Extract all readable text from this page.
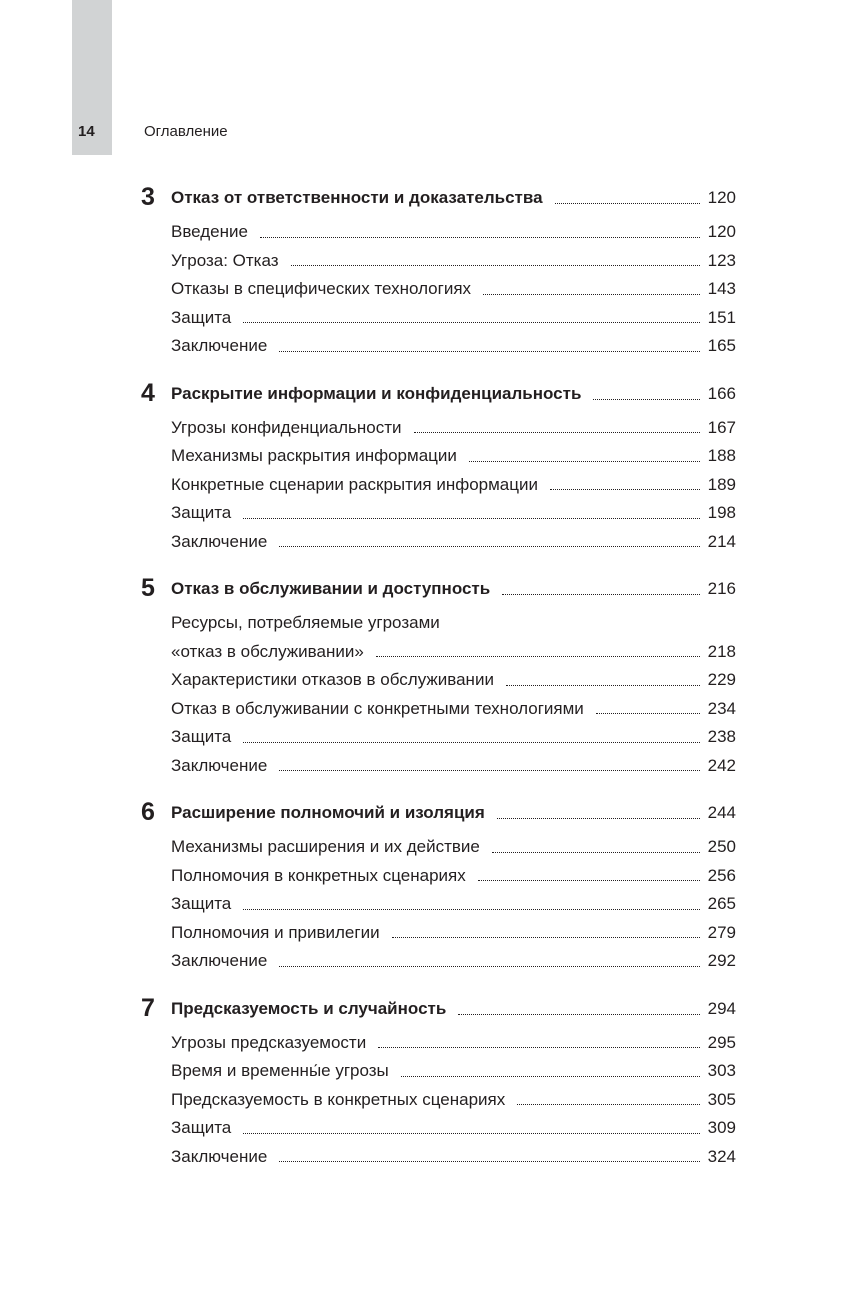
14	Оглавление
3 Отказ от ответственности и доказательства	120
Введение	120
Угроза: Отказ	123
Отказы в специфических технологиях	143
Защита	151
Заключение	165
4 Раскрытие информации и конфиденциальность	166
Угрозы конфиденциальности	167
Механизмы раскрытия информации	188
Конкретные сценарии раскрытия информации	189
Защита	198
Заключение	214
5 Отказ в обслуживании и доступность	216
Ресурсы, потребляемые угрозами
«отказ в обслуживании»	218
Характеристики отказов в обслуживании	229
Отказ в обслуживании с конкретными технологиями	234
Защита	238
Заключение	242
6 Расширение полномочий и изоляция	244
Механизмы расширения и их действие	250
Полномочия в конкретных сценариях	256
Защита	265
Полномочия и привилегии	279
Заключение	292
7 Предсказуемость и случайность	294
Угрозы предсказуемости	295
Время и временны́е угрозы	303
Предсказуемость в конкретных сценариях	305
Защита	309
Заключение	324
